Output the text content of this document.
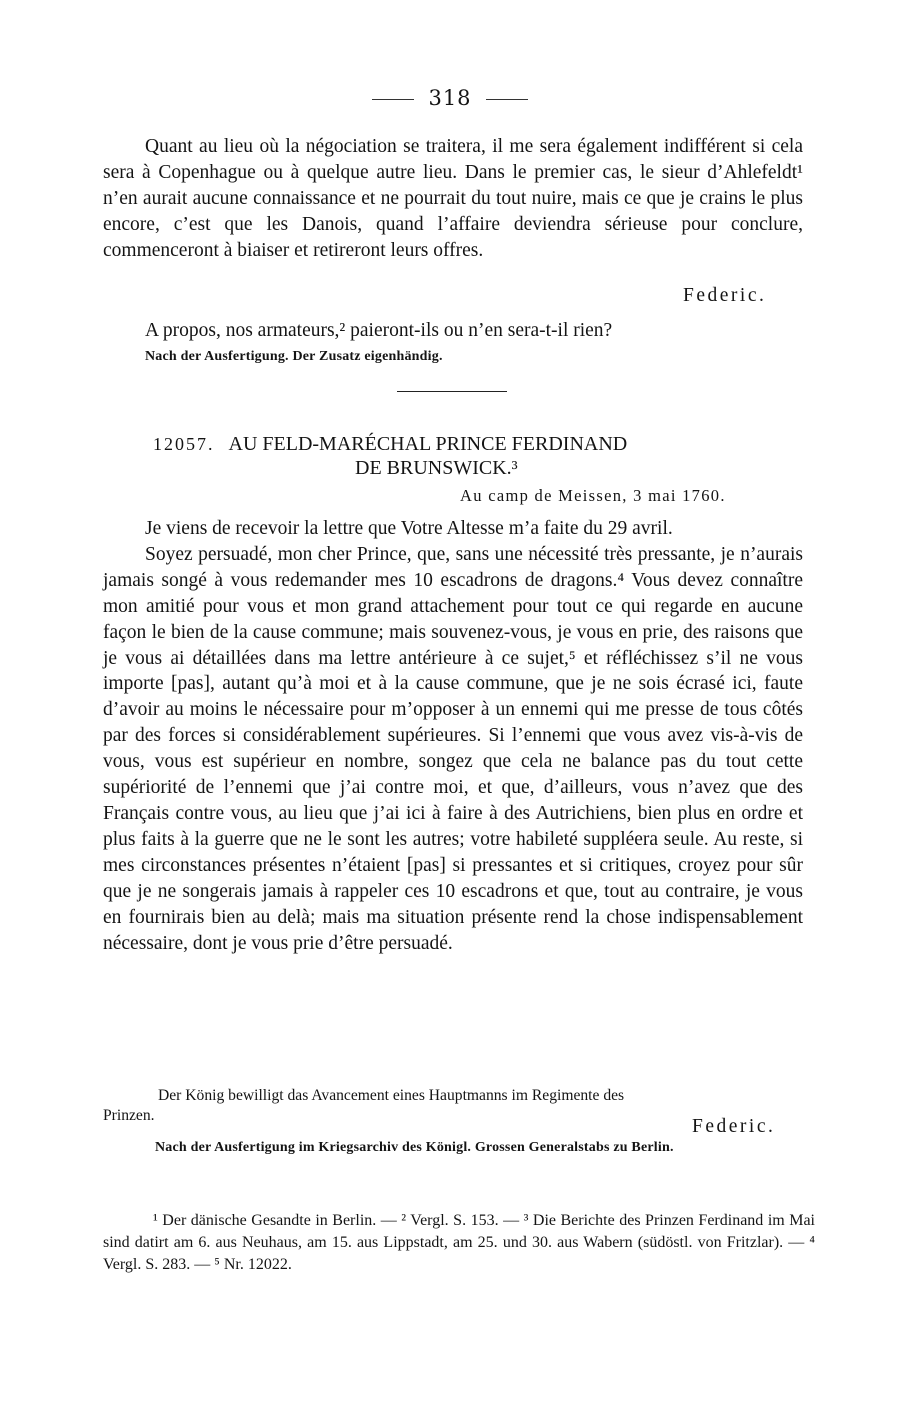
318

Quant au lieu où la négociation se traitera, il me sera également indifférent si cela sera à Copenhague ou à quelque autre lieu. Dans le premier cas, le sieur d’Ahlefeldt¹ n’en aurait aucune connaissance et ne pourrait du tout nuire, mais ce que je crains le plus encore, c’est que les Danois, quand l’affaire deviendra sérieuse pour conclure, commenceront à biaiser et retireront leurs offres.

Federic.

A propos, nos armateurs,² paieront-ils ou n’en sera-t-il rien?

Nach der Ausfertigung. Der Zusatz eigenhändig.
12057. AU FELD-MARÉCHAL PRINCE FERDINAND
DE BRUNSWICK.³
Au camp de Meissen, 3 mai 1760.

Je viens de recevoir la lettre que Votre Altesse m’a faite du 29 avril.

Soyez persuadé, mon cher Prince, que, sans une nécessité très pressante, je n’aurais jamais songé à vous redemander mes 10 escadrons de dragons.⁴ Vous devez connaître mon amitié pour vous et mon grand attachement pour tout ce qui regarde en aucune façon le bien de la cause commune; mais souvenez-vous, je vous en prie, des raisons que je vous ai détaillées dans ma lettre antérieure à ce sujet,⁵ et réfléchissez s’il ne vous importe [pas], autant qu’à moi et à la cause commune, que je ne sois écrasé ici, faute d’avoir au moins le nécessaire pour m’opposer à un ennemi qui me presse de tous côtés par des forces si considérablement supérieures. Si l’ennemi que vous avez vis-à-vis de vous, vous est supérieur en nombre, songez que cela ne balance pas du tout cette supériorité de l’ennemi que j’ai contre moi, et que, d’ailleurs, vous n’avez que des Français contre vous, au lieu que j’ai ici à faire à des Autrichiens, bien plus en ordre et plus faits à la guerre que ne le sont les autres; votre habileté suppléera seule. Au reste, si mes circonstances présentes n’étaient [pas] si pressantes et si critiques, croyez pour sûr que je ne songerais jamais à rappeler ces 10 escadrons et que, tout au contraire, je vous en fournirais bien au delà; mais ma situation présente rend la chose indispensablement nécessaire, dont je vous prie d’être persuadé.

Der König bewilligt das Avancement eines Hauptmanns im Regimente des
Prinzen.
Federic.
Nach der Ausfertigung im Kriegsarchiv des Königl. Grossen Generalstabs zu Berlin.

¹ Der dänische Gesandte in Berlin. — ² Vergl. S. 153. — ³ Die Berichte des Prinzen Ferdinand im Mai sind datirt am 6. aus Neuhaus, am 15. aus Lippstadt, am 25. und 30. aus Wabern (südöstl. von Fritzlar). — ⁴ Vergl. S. 283. — ⁵ Nr. 12022.
